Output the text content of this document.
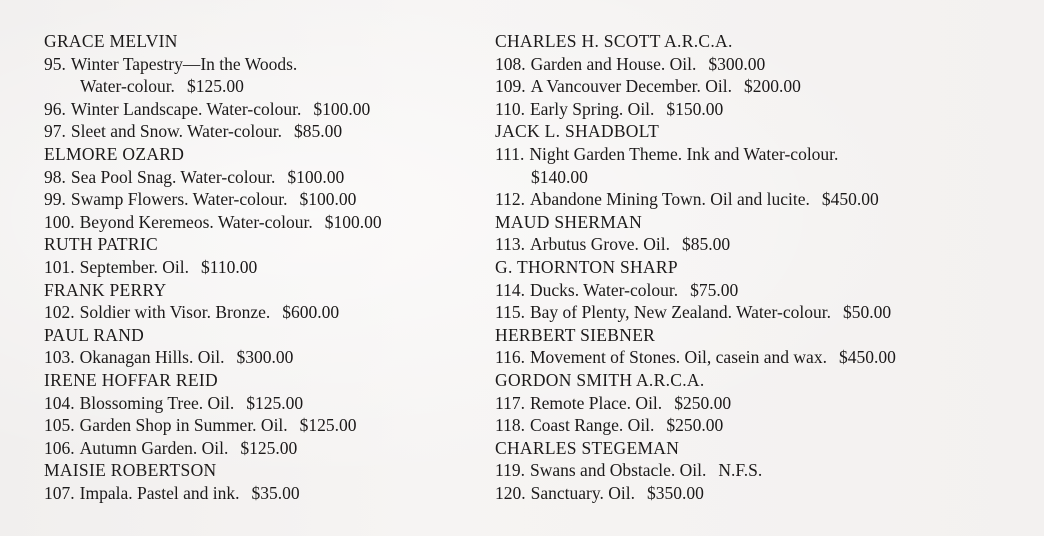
GRACE MELVIN
95. Winter Tapestry—In the Woods.
Water-colour. $125.00
96. Winter Landscape. Water-colour. $100.00
97. Sleet and Snow. Water-colour. $85.00
ELMORE OZARD
98. Sea Pool Snag. Water-colour. $100.00
99. Swamp Flowers. Water-colour. $100.00
100. Beyond Keremeos. Water-colour. $100.00
RUTH PATRIC
101. September. Oil. $110.00
FRANK PERRY
102. Soldier with Visor. Bronze. $600.00
PAUL RAND
103. Okanagan Hills. Oil. $300.00
IRENE HOFFAR REID
104. Blossoming Tree. Oil. $125.00
105. Garden Shop in Summer. Oil. $125.00
106. Autumn Garden. Oil. $125.00
MAISIE ROBERTSON
107. Impala. Pastel and ink. $35.00
CHARLES H. SCOTT A.R.C.A.
108. Garden and House. Oil. $300.00
109. A Vancouver December. Oil. $200.00
110. Early Spring. Oil. $150.00
JACK L. SHADBOLT
111. Night Garden Theme. Ink and Water-colour.
$140.00
112. Abandone Mining Town. Oil and lucite. $450.00
MAUD SHERMAN
113. Arbutus Grove. Oil. $85.00
G. THORNTON SHARP
114. Ducks. Water-colour. $75.00
115. Bay of Plenty, New Zealand. Water-colour. $50.00
HERBERT SIEBNER
116. Movement of Stones. Oil, casein and wax. $450.00
GORDON SMITH A.R.C.A.
117. Remote Place. Oil. $250.00
118. Coast Range. Oil. $250.00
CHARLES STEGEMAN
119. Swans and Obstacle. Oil. N.F.S.
120. Sanctuary. Oil. $350.00
